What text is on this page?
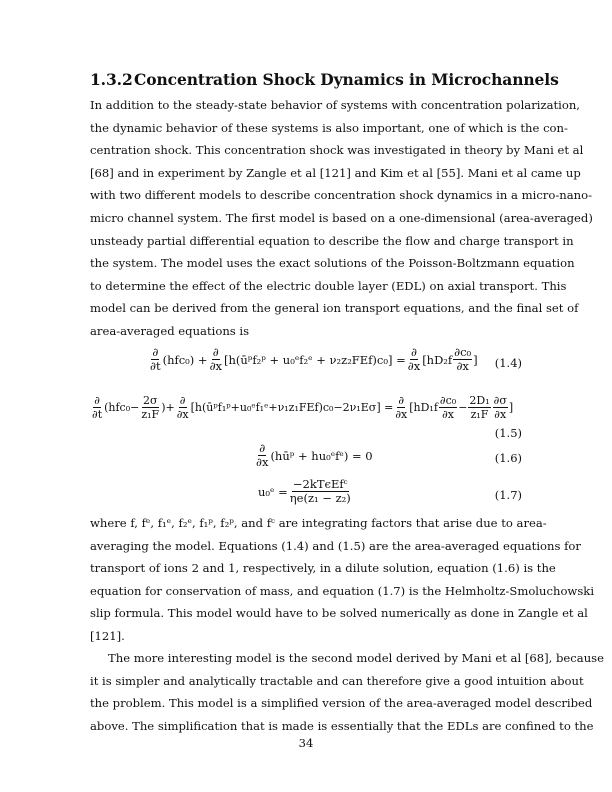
1.3.2Concentration Shock Dynamics in Microchannels
In addition to the steady-state behavior of systems with concentration polarization,
the dynamic behavior of these systems is also important, one of which is the con-
centration shock. This concentration shock was investigated in theory by Mani et al
[68] and in experiment by Zangle et al [121] and Kim et al [55]. Mani et al came up
with two different models to describe concentration shock dynamics in a micro-nano-
micro channel system. The first model is based on a one-dimensional (area-averaged)
unsteady partial differential equation to describe the flow and charge transport in
the system. The model uses the exact solutions of the Poisson-Boltzmann equation
to determine the effect of the electric double layer (EDL) on axial transport. This
model can be derived from the general ion transport equations, and the final set of
area-averaged equations is
$\frac{\partial}{\partial t} (hfc_0) + \frac{\partial}{\partial x}$ [h(ūᵖf₂ᵖ + u₀ᵉf₂ᵉ + $\nu_2z_2FEf)c_0] = \frac{\partial}{\partial x} [hD_2f \frac{\text{∂c₀}}{\partial x}$ ]	(1.4)
$\frac{\partial}{\partial t} (hfc_0- \frac{2\sigma}{\text{z₁F}}$ )+ $\frac{\partial}{\partial x}$ [h(ūᵖf₁ᵖ+u₀ᵉf₁ᵉ+ν₁z₁FEf)c₀−2ν₁Eσ] = $\frac{\partial}{\partial x} [hD_1f \frac{\text{∂c₀}}{\partial x} - \frac{\text{2D₁}}{\text{z₁F}} \frac{\partial\sigma}{\partial x}$ ]
(1.5)
$\frac{\partial}{\partial x}$ (hūᵖ + hu₀ᵉfᵉ) = 0	(1.6)
u₀ᵉ = $\frac{\text{−2kTϵEfᶜ}}{\text{ηe(z₁ − z₂)}}$	(1.7)
where f, fᵉ, f₁ᵉ, f₂ᵉ, f₁ᵖ, f₂ᵖ, and fᶜ are integrating factors that arise due to area-
averaging the model. Equations (1.4) and (1.5) are the area-averaged equations for
transport of ions 2 and 1, respectively, in a dilute solution, equation (1.6) is the
equation for conservation of mass, and equation (1.7) is the Helmholtz-Smoluchowski
slip formula. This model would have to be solved numerically as done in Zangle et al
[121].
The more interesting model is the second model derived by Mani et al [68], because
it is simpler and analytically tractable and can therefore give a good intuition about
the problem. This model is a simplified version of the area-averaged model described
above. The simplification that is made is essentially that the EDLs are confined to the
34
